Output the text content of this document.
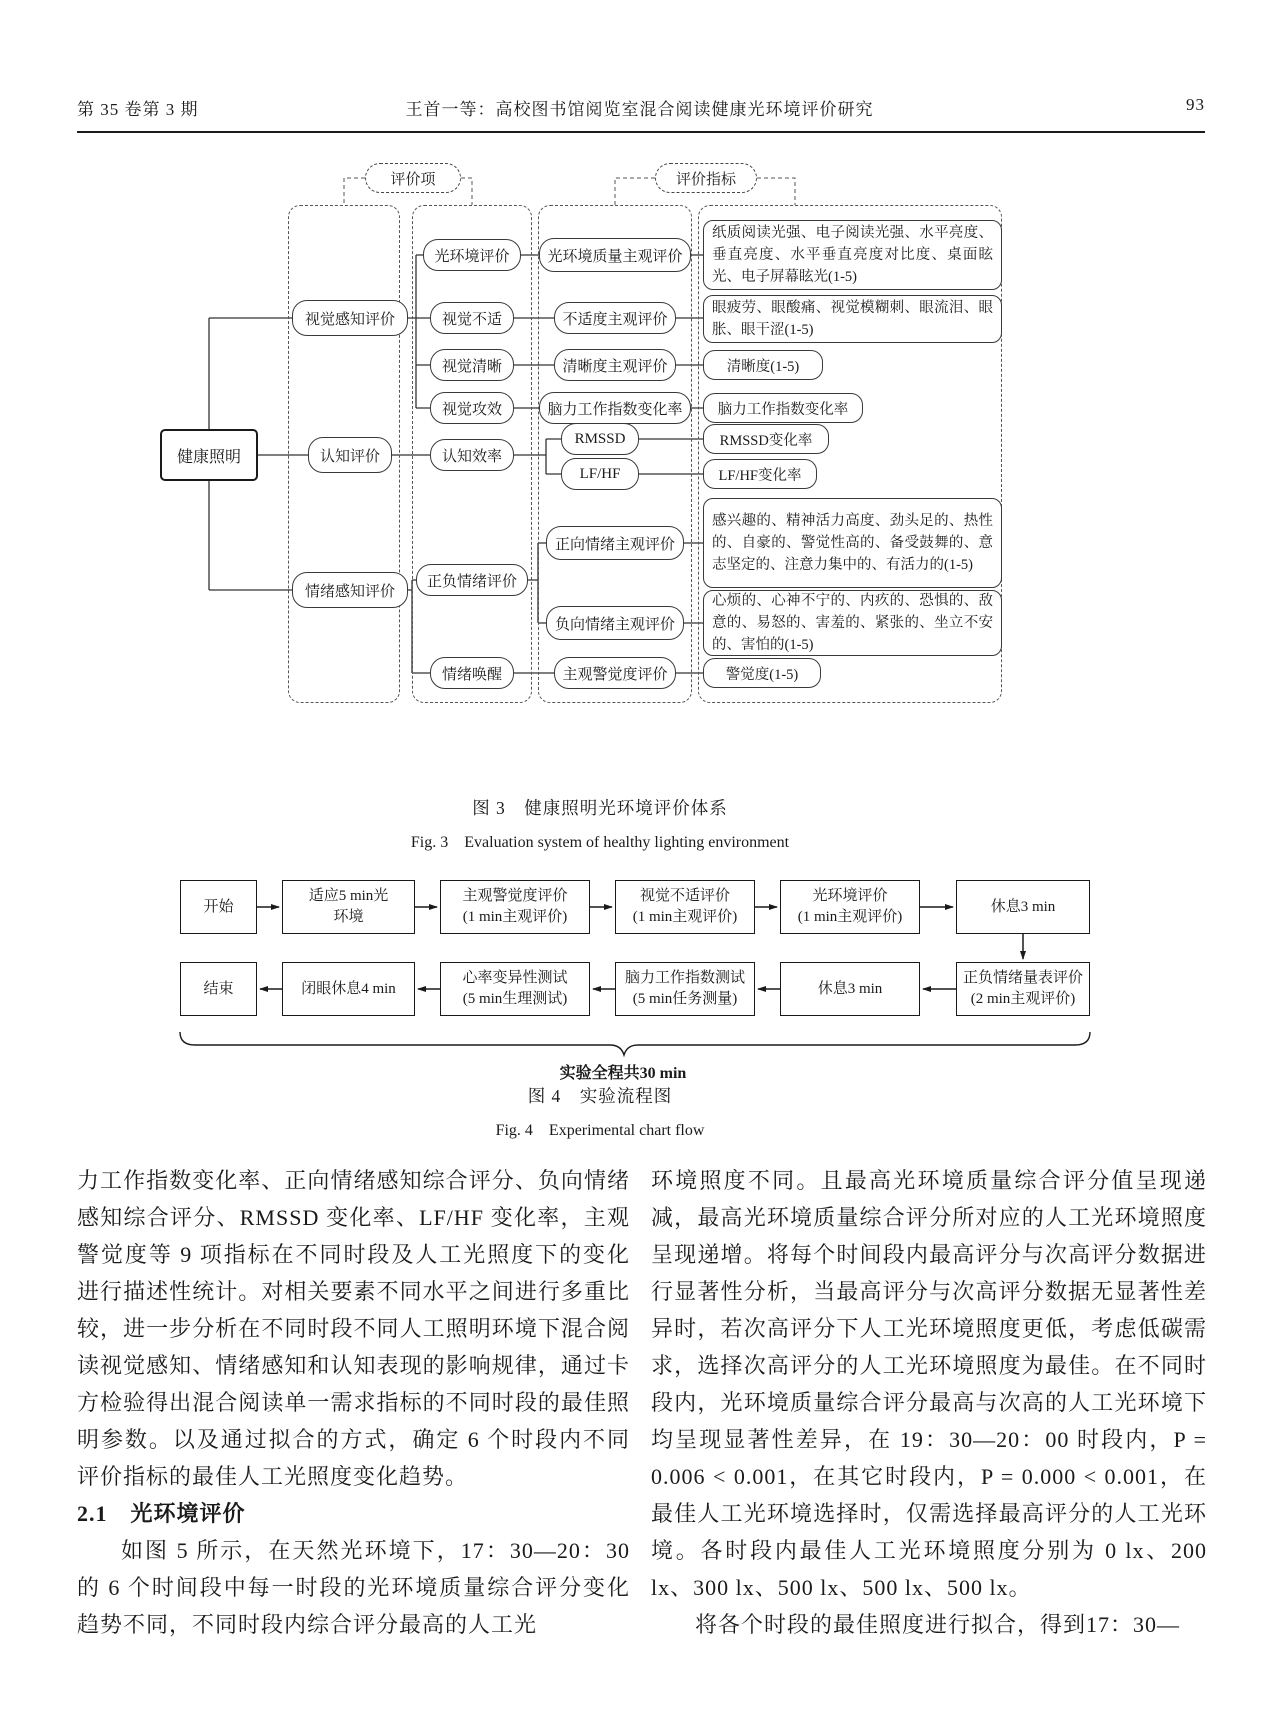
第 35 卷第 3 期	王首一等：高校图书馆阅览室混合阅读健康光环境评价研究	93
评价项	评价指标
健康照明
视觉感知评价
认知评价
情绪感知评价
光环境评价
视觉不适
视觉清晰
视觉攻效
认知效率
正负情绪评价
情绪唤醒
光环境质量主观评价
不适度主观评价
清晰度主观评价
脑力工作指数变化率
RMSSD
LF/HF
正向情绪主观评价
负向情绪主观评价
主观警觉度评价
纸质阅读光强、电子阅读光强、水平亮度、垂直亮度、水平垂直亮度对比度、桌面眩光、电子屏幕眩光(1-5)
眼疲劳、眼酸痛、视觉模糊刺、眼流泪、眼胀、眼干涩(1-5)
清晰度(1-5)
脑力工作指数变化率
RMSSD变化率
LF/HF变化率
感兴趣的、精神活力高度、劲头足的、热性的、自豪的、警觉性高的、备受鼓舞的、意志坚定的、注意力集中的、有活力的(1-5)
心烦的、心神不宁的、内疚的、恐惧的、敌意的、易怒的、害羞的、紧张的、坐立不安的、害怕的(1-5)
警觉度(1-5)
图 3　健康照明光环境评价体系
Fig. 3　Evaluation system of healthy lighting environment
开始
适应5 min光
环境
主观警觉度评价
(1 min主观评价)
视觉不适评价
(1 min主观评价)
光环境评价
(1 min主观评价)
休息3 min
结束	闭眼休息4 min
心率变异性测试
(5 min生理测试)
脑力工作指数测试
(5 min任务测量)
休息3 min
正负情绪量表评价
(2 min主观评价)
实验全程共30 min
图 4　实验流程图
Fig. 4　Experimental chart flow

力工作指数变化率、正向情绪感知综合评分、负向情绪感知综合评分、RMSSD 变化率、LF/HF 变化率，主观警觉度等 9 项指标在不同时段及人工光照度下的变化进行描述性统计。对相关要素不同水平之间进行多重比较，进一步分析在不同时段不同人工照明环境下混合阅读视觉感知、情绪感知和认知表现的影响规律，通过卡方检验得出混合阅读单一需求指标的不同时段的最佳照明参数。以及通过拟合的方式，确定 6 个时段内不同评价指标的最佳人工光照度变化趋势。

2.1　光环境评价

如图 5 所示，在天然光环境下，17：30—20：30 的 6 个时间段中每一时段的光环境质量综合评分变化趋势不同，不同时段内综合评分最高的人工光

环境照度不同。且最高光环境质量综合评分值呈现递减，最高光环境质量综合评分所对应的人工光环境照度呈现递增。将每个时间段内最高评分与次高评分数据进行显著性分析，当最高评分与次高评分数据无显著性差异时，若次高评分下人工光环境照度更低，考虑低碳需求，选择次高评分的人工光环境照度为最佳。在不同时段内，光环境质量综合评分最高与次高的人工光环境下均呈现显著性差异，在 19：30—20：00 时段内，P = 0.006 < 0.001，在其它时段内，P = 0.000 < 0.001，在最佳人工光环境选择时，仅需选择最高评分的人工光环境。各时段内最佳人工光环境照度分别为 0 lx、200 lx、300 lx、500 lx、500 lx、500 lx。

将各个时段的最佳照度进行拟合，得到17：30—
